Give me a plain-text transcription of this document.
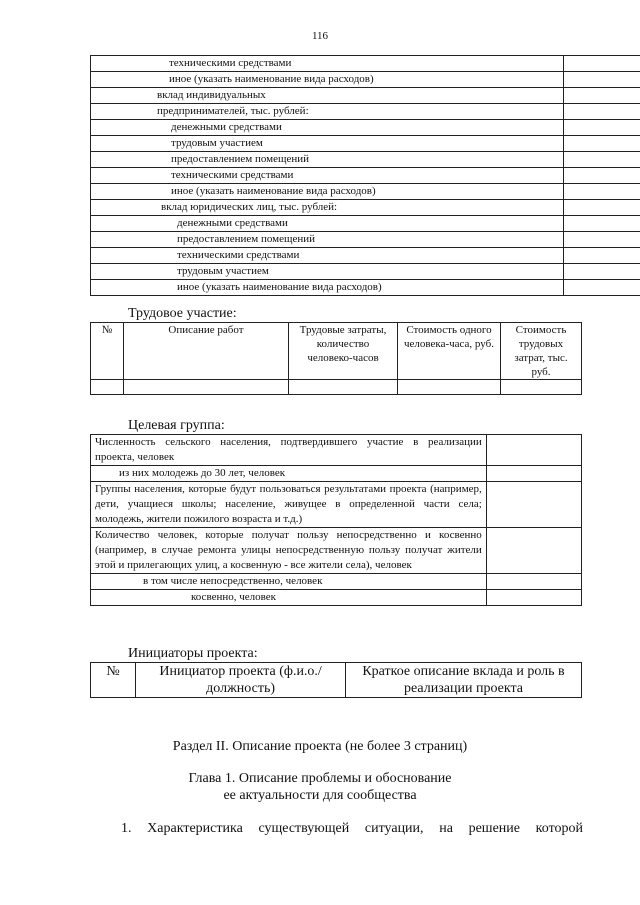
116
техническими средствами	
иное (указать наименование вида расходов)	
вклад индивидуальных	
предпринимателей, тыс. рублей:	
денежными средствами	
трудовым участием	
предоставлением помещений	
техническими средствами	
иное (указать наименование вида расходов)	
вклад юридических лиц, тыс. рублей:	
денежными средствами	
предоставлением помещений	
техническими средствами	
трудовым участием	
иное (указать наименование вида расходов)	
Трудовое участие:
№	Описание работ	Трудовые затраты, количество человеко-часов	Стоимость одного человека-часа, руб.	Стоимость трудовых затрат, тыс. руб.

Целевая группа:
Численность сельского населения, подтвердившего участие в реализации проекта, человек	
из них молодежь до 30 лет, человек	
Группы населения, которые будут пользоваться результатами проекта (например, дети, учащиеся школы; население, живущее в определенной части села; молодежь, жители пожилого возраста и т.д.)	
Количество человек, которые получат пользу непосредственно и косвенно (например, в случае ремонта улицы непосредственную пользу получат жители этой и прилегающих улиц, а косвенную - все жители села), человек	
в том числе непосредственно, человек	
косвенно, человек	
Инициаторы проекта:
№	Инициатор проекта (ф.и.о./должность)	Краткое описание вклада и роль в реализации проекта
Раздел II. Описание проекта (не более 3 страниц)
Глава 1. Описание проблемы и обоснование
ее актуальности для сообщества
1. Характеристика существующей ситуации, на решение которой
